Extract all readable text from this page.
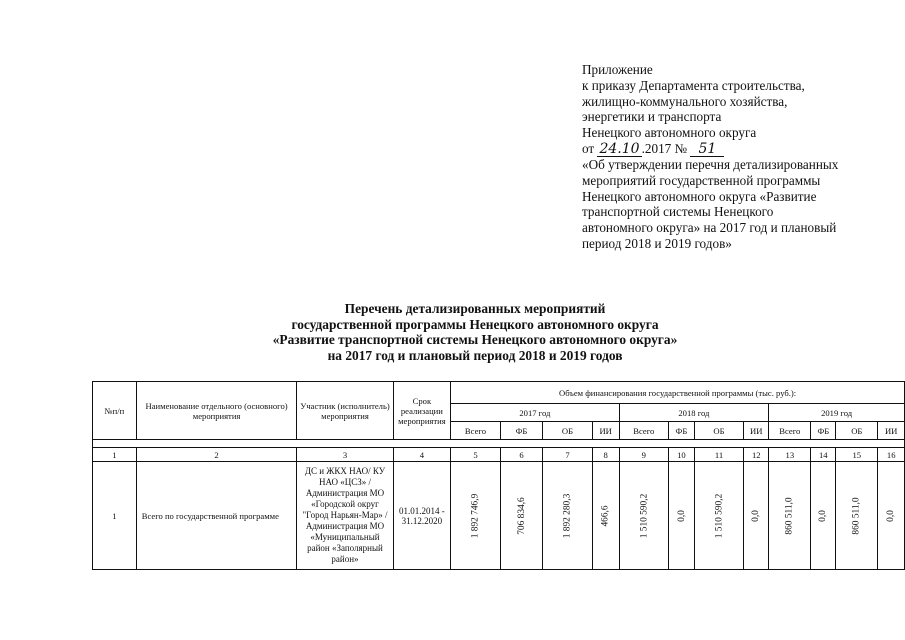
Приложение
к приказу Департамента строительства,
жилищно-коммунального хозяйства,
энергетики и транспорта
Ненецкого автономного округа
от 24.10 .2017 № 51
«Об утверждении перечня детализированных
мероприятий государственной программы
Ненецкого автономного округа «Развитие
транспортной системы Ненецкого
автономного округа» на 2017 год и плановый
период 2018 и 2019 годов»
Перечень детализированных мероприятий
государственной программы Ненецкого автономного округа
«Развитие транспортной системы Ненецкого автономного округа»
на 2017 год и плановый период 2018 и 2019 годов
№п/п	Наименование отдельного (основного) мероприятия	Участник (исполнитель) мероприятия	Срок реализации мероприятия	Объем финансирования государственной программы (тыс. руб.):											
				2017 год				2018 год				2019 год			
				Всего	ФБ	ОБ	ИИ	Всего	ФБ	ОБ	ИИ	Всего	ФБ	ОБ	ИИ

1	2	3	4	5	6	7	8	9	10	11	12	13	14	15	16
1	Всего по государственной программе	ДС и ЖКХ НАО/ КУ НАО «ЦСЗ» /Администрация МО «Городской округ "Город Нарьян-Мар» / Администрация МО «Муниципальный район «Заполярный район»	01.01.2014 - 31.12.2020	1 892 746,9	706 834,6	1 892 280,3	466,6	1 510 590,2	0,0	1 510 590,2	0,0	860 511,0	0,0	860 511,0	0,0
